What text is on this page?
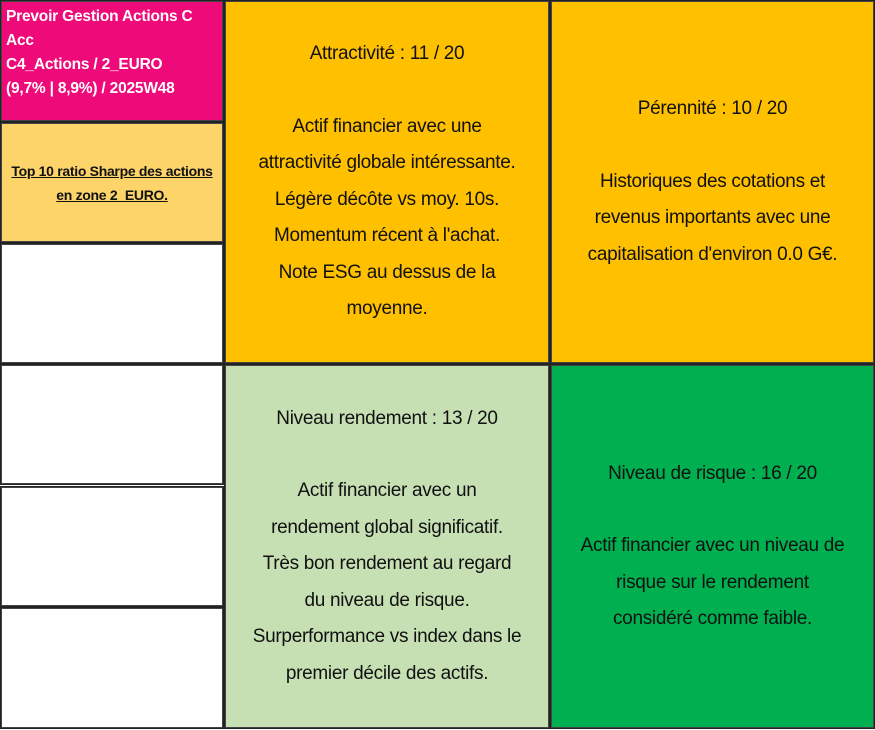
Prevoir Gestion Actions C
Acc
C4_Actions / 2_EURO
(9,7% | 8,9%) / 2025W48
Top 10 ratio Sharpe des actions en zone 2_EURO.
Attractivité : 11 / 20
Actif financier avec une
attractivité globale intéressante.
Légère décôte vs moy. 10s.
Momentum récent à l'achat.
Note ESG au dessus de la
moyenne.
Pérennité : 10 / 20
Historiques des cotations et
revenus importants avec une
capitalisation d'environ 0.0 G€.
Niveau rendement : 13 / 20
Actif financier avec un
rendement global significatif.
Très bon rendement au regard
du niveau de risque.
Surperformance vs index dans le
premier décile des actifs.
Niveau de risque : 16 / 20
Actif financier avec un niveau de
risque sur le rendement
considéré comme faible.
